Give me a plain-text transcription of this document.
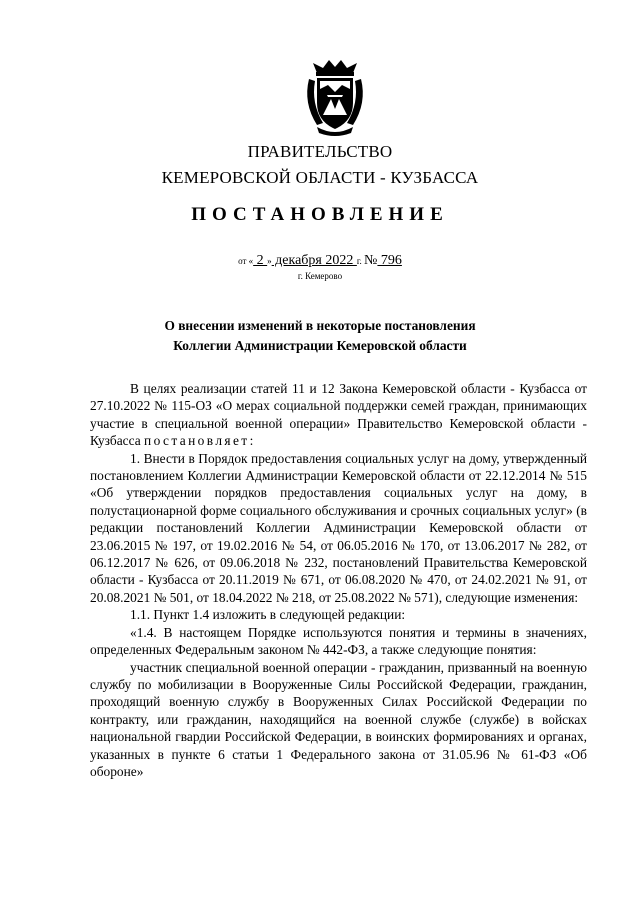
ПРАВИТЕЛЬСТВО
КЕМЕРОВСКОЙ ОБЛАСТИ - КУЗБАССА
ПОСТАНОВЛЕНИЕ
от « 2 » декабря 2022 г. № 796
г. Кемерово
О внесении изменений в некоторые постановления
Коллегии Администрации Кемеровской области

В целях реализации статей 11 и 12 Закона Кемеровской области - Кузбасса от 27.10.2022 № 115-ОЗ «О мерах социальной поддержки семей граждан, принимающих участие в специальной военной операции» Правительство Кемеровской области - Кузбасса постановляет:

1. Внести в Порядок предоставления социальных услуг на дому, утвержденный постановлением Коллегии Администрации Кемеровской области от 22.12.2014 № 515 «Об утверждении порядков предоставления социальных услуг на дому, в полустационарной форме социального обслуживания и срочных социальных услуг» (в редакции постановлений Коллегии Администрации Кемеровской области от 23.06.2015 № 197, от 19.02.2016 № 54, от 06.05.2016 № 170, от 13.06.2017 № 282, от 06.12.2017 № 626, от 09.06.2018 № 232, постановлений Правительства Кемеровской области - Кузбасса от 20.11.2019 № 671, от 06.08.2020 № 470, от 24.02.2021 № 91, от 20.08.2021 № 501, от 18.04.2022 № 218, от 25.08.2022 № 571), следующие изменения:

1.1. Пункт 1.4 изложить в следующей редакции:

«1.4. В настоящем Порядке используются понятия и термины в значениях, определенных Федеральным законом № 442-ФЗ, а также следующие понятия:

участник специальной военной операции - гражданин, призванный на военную службу по мобилизации в Вооруженные Силы Российской Федерации, гражданин, проходящий военную службу в Вооруженных Силах Российской Федерации по контракту, или гражданин, находящийся на военной службе (службе) в войсках национальной гвардии Российской Федерации, в воинских формированиях и органах, указанных в пункте 6 статьи 1 Федерального закона от 31.05.96 № 61-ФЗ «Об обороне»
